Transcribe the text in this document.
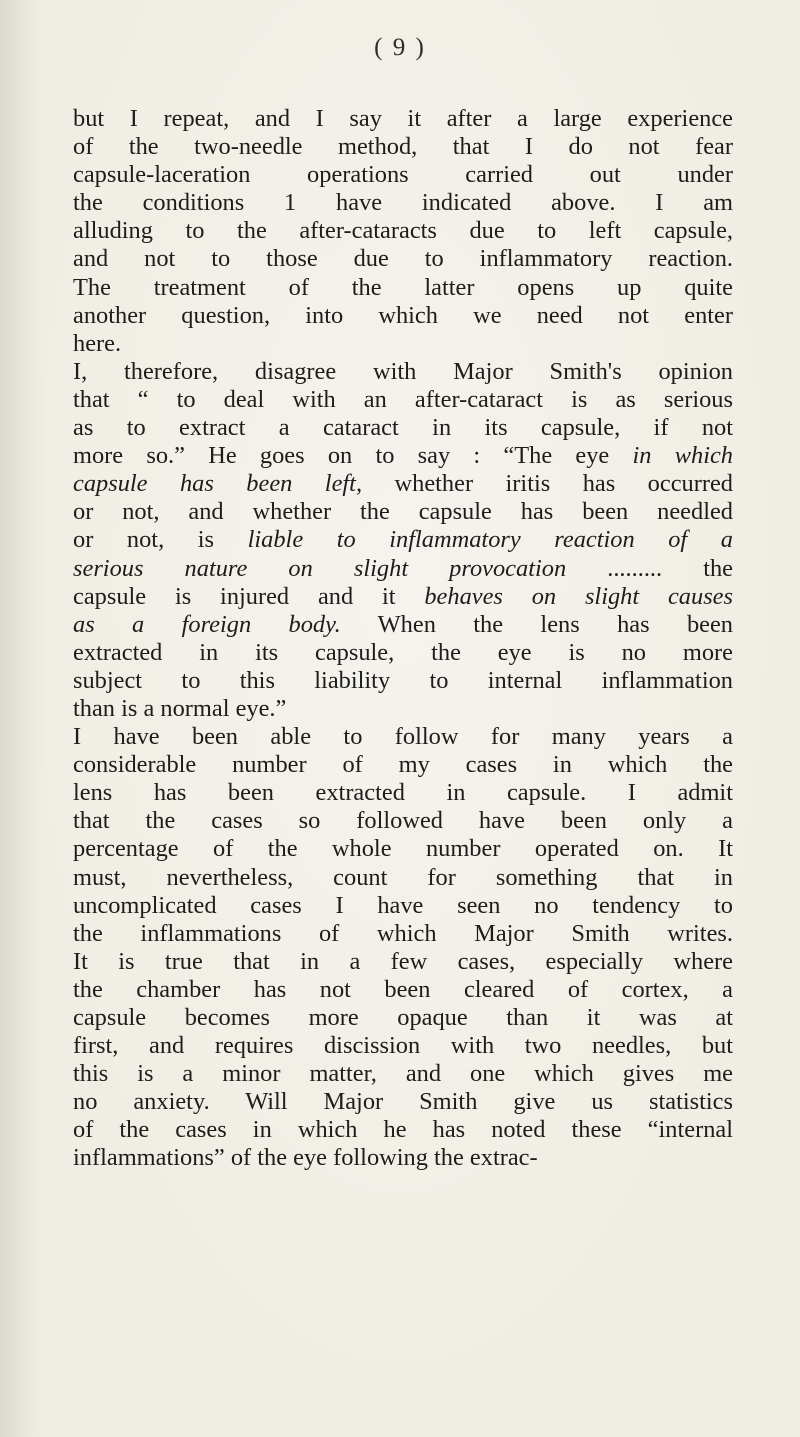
( 9 )
but I repeat, and I say it after a large experience
of the two-needle method, that I do not fear
capsule-laceration operations carried out under
the conditions 1 have indicated above. I am
alluding to the after-cataracts due to left capsule,
and not to those due to inflammatory reaction.
The treatment of the latter opens up quite
another question, into which we need not enter
here.
I, therefore, disagree with Major Smith's opinion
that “ to deal with an after-cataract is as serious
as to extract a cataract in its capsule, if not
more so.” He goes on to say : “The eye in which
capsule has been left, whether iritis has occurred
or not, and whether the capsule has been needled
or not, is liable to inflammatory reaction of a
serious nature on slight provocation ......... the
capsule is injured and it behaves on slight causes
as a foreign body. When the lens has been
extracted in its capsule, the eye is no more
subject to this liability to internal inflammation
than is a normal eye.”
I have been able to follow for many years a
considerable number of my cases in which the
lens has been extracted in capsule. I admit
that the cases so followed have been only a
percentage of the whole number operated on. It
must, nevertheless, count for something that in
uncomplicated cases I have seen no tendency to
the inflammations of which Major Smith writes.
It is true that in a few cases, especially where
the chamber has not been cleared of cortex, a
capsule becomes more opaque than it was at
first, and requires discission with two needles, but
this is a minor matter, and one which gives me
no anxiety. Will Major Smith give us statistics
of the cases in which he has noted these “internal
inflammations” of the eye following the extrac-
